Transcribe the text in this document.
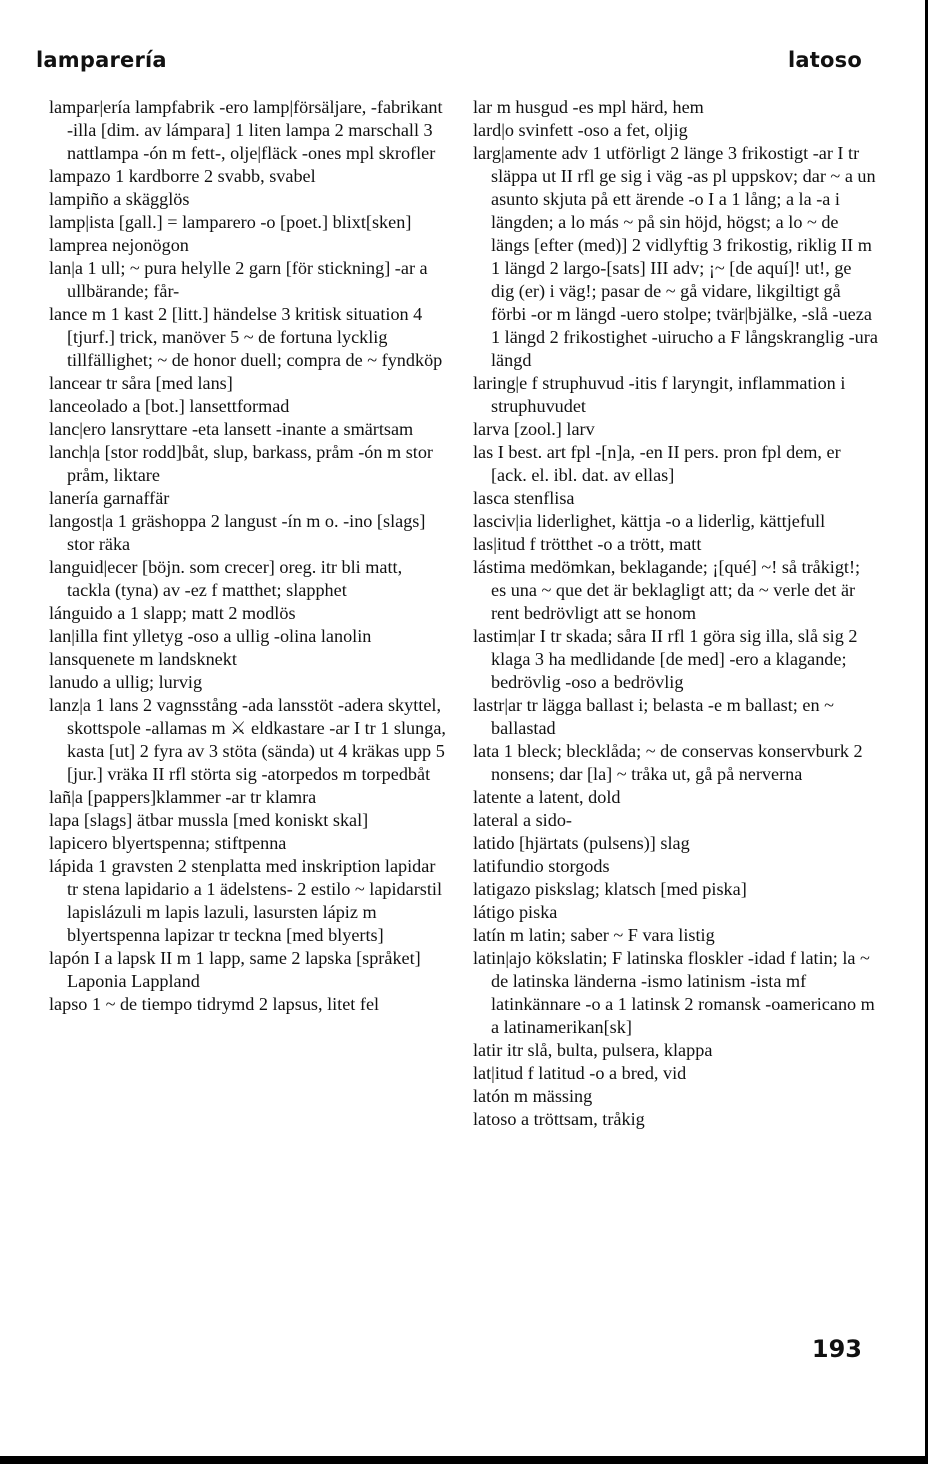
lamparería	latoso

lampar|ería lampfabrik -ero lamp|försäljare, -fabrikant -illa [dim. av lámpara] 1 liten lampa 2 marschall 3 nattlampa -ón m fett-, olje|fläck -ones mpl skrofler

lampazo 1 kardborre 2 svabb, svabel

lampiño a skägglös

lamp|ista [gall.] = lamparero -o [poet.] blixt[sken]

lamprea nejonögon

lan|a 1 ull; ~ pura helylle 2 garn [för stickning] -ar a ullbärande; får-

lance m 1 kast 2 [litt.] händelse 3 kritisk situation 4 [tjurf.] trick, manöver 5 ~ de fortuna lycklig tillfällighet; ~ de honor duell; compra de ~ fyndköp

lancear tr såra [med lans]

lanceolado a [bot.] lansettformad

lanc|ero lansryttare -eta lansett -inante a smärtsam

lanch|a [stor rodd]båt, slup, barkass, pråm -ón m stor pråm, liktare

lanería garnaffär

langost|a 1 gräshoppa 2 langust -ín m o. -ino [slags] stor räka

languid|ecer [böjn. som crecer] oreg. itr bli matt, tackla (tyna) av -ez f matthet; slapphet

lánguido a 1 slapp; matt 2 modlös

lan|illa fint ylletyg -oso a ullig -olina lanolin

lansquenete m landsknekt

lanudo a ullig; lurvig

lanz|a 1 lans 2 vagnsstång -ada lansstöt -adera skyttel, skottspole -allamas m ⚔ eldkastare -ar I tr 1 slunga, kasta [ut] 2 fyra av 3 stöta (sända) ut 4 kräkas upp 5 [jur.] vräka II rfl störta sig -atorpedos m torpedbåt

lañ|a [pappers]klammer -ar tr klamra

lapa [slags] ätbar mussla [med koniskt skal]

lapicero blyertspenna; stiftpenna

lápida 1 gravsten 2 stenplatta med inskription lapidar tr stena lapidario a 1 ädelstens- 2 estilo ~ lapidarstil lapislázuli m lapis lazuli, lasursten lápiz m blyertspenna lapizar tr teckna [med blyerts]

lapón I a lapsk II m 1 lapp, same 2 lapska [språket] Laponia Lappland

lapso 1 ~ de tiempo tidrymd 2 lapsus, litet fel

lar m husgud -es mpl härd, hem

lard|o svinfett -oso a fet, oljig

larg|amente adv 1 utförligt 2 länge 3 frikostigt -ar I tr släppa ut II rfl ge sig i väg -as pl uppskov; dar ~ a un asunto skjuta på ett ärende -o I a 1 lång; a la -a i längden; a lo más ~ på sin höjd, högst; a lo ~ de längs [efter (med)] 2 vidlyftig 3 frikostig, riklig II m 1 längd 2 largo-[sats] III adv; ¡~ [de aquí]! ut!, ge dig (er) i väg!; pasar de ~ gå vidare, likgiltigt gå förbi -or m längd -uero stolpe; tvär|bjälke, -slå -ueza 1 längd 2 frikostighet -uirucho a F långskranglig -ura längd

laring|e f struphuvud -itis f laryngit, inflammation i struphuvudet

larva [zool.] larv

las I best. art fpl -[n]a, -en II pers. pron fpl dem, er [ack. el. ibl. dat. av ellas]

lasca stenflisa

lasciv|ia liderlighet, kättja -o a liderlig, kättjefull

las|itud f trötthet -o a trött, matt

lástima medömkan, beklagande; ¡[qué] ~! så tråkigt!; es una ~ que det är beklagligt att; da ~ verle det är rent bedrövligt att se honom

lastim|ar I tr skada; såra II rfl 1 göra sig illa, slå sig 2 klaga 3 ha medlidande [de med] -ero a klagande; bedrövlig -oso a bedrövlig

lastr|ar tr lägga ballast i; belasta -e m ballast; en ~ ballastad

lata 1 bleck; blecklåda; ~ de conservas konservburk 2 nonsens; dar [la] ~ tråka ut, gå på nerverna

latente a latent, dold

lateral a sido-

latido [hjärtats (pulsens)] slag

latifundio storgods

latigazo piskslag; klatsch [med piska]

látigo piska

latín m latin; saber ~ F vara listig

latin|ajo kökslatin; F latinska floskler -idad f latin; la ~ de latinska länderna -ismo latinism -ista mf latinkännare -o a 1 latinsk 2 romansk -oamericano m a latinamerikan[sk]

latir itr slå, bulta, pulsera, klappa

lat|itud f latitud -o a bred, vid

latón m mässing

latoso a tröttsam, tråkig

193
